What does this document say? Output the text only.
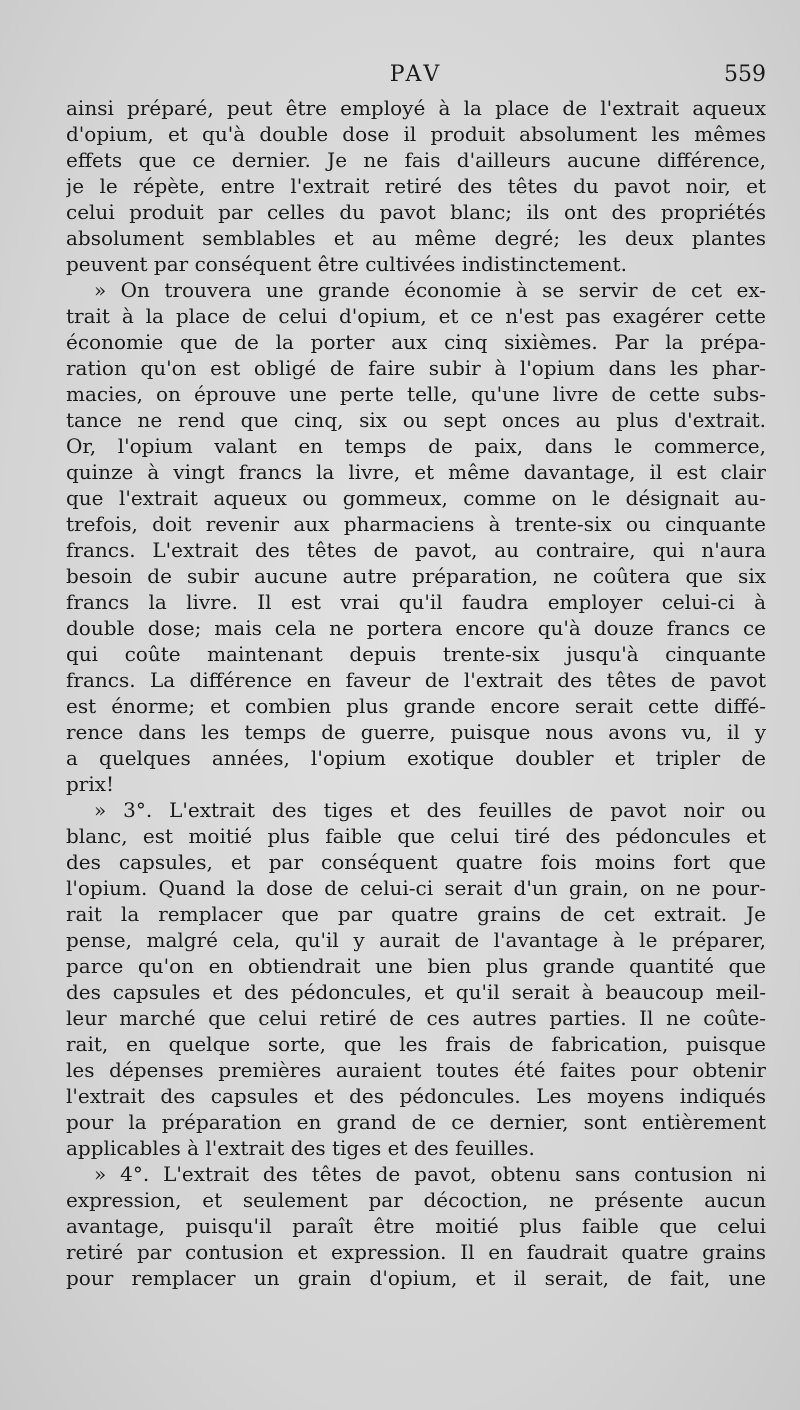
PAV	559
ainsi préparé, peut être employé à la place de l'extrait aqueux
d'opium, et qu'à double dose il produit absolument les mêmes
effets que ce dernier. Je ne fais d'ailleurs aucune différence,
je le répète, entre l'extrait retiré des têtes du pavot noir, et
celui produit par celles du pavot blanc; ils ont des propriétés
absolument semblables et au même degré; les deux plantes
peuvent par conséquent être cultivées indistinctement.
» On trouvera une grande économie à se servir de cet ex-
trait à la place de celui d'opium, et ce n'est pas exagérer cette
économie que de la porter aux cinq sixièmes. Par la prépa-
ration qu'on est obligé de faire subir à l'opium dans les phar-
macies, on éprouve une perte telle, qu'une livre de cette subs-
tance ne rend que cinq, six ou sept onces au plus d'extrait.
Or, l'opium valant en temps de paix, dans le commerce,
quinze à vingt francs la livre, et même davantage, il est clair
que l'extrait aqueux ou gommeux, comme on le désignait au-
trefois, doit revenir aux pharmaciens à trente-six ou cinquante
francs. L'extrait des têtes de pavot, au contraire, qui n'aura
besoin de subir aucune autre préparation, ne coûtera que six
francs la livre. Il est vrai qu'il faudra employer celui-ci à
double dose; mais cela ne portera encore qu'à douze francs ce
qui coûte maintenant depuis trente-six jusqu'à cinquante
francs. La différence en faveur de l'extrait des têtes de pavot
est énorme; et combien plus grande encore serait cette diffé-
rence dans les temps de guerre, puisque nous avons vu, il y
a quelques années, l'opium exotique doubler et tripler de
prix!
» 3°. L'extrait des tiges et des feuilles de pavot noir ou
blanc, est moitié plus faible que celui tiré des pédoncules et
des capsules, et par conséquent quatre fois moins fort que
l'opium. Quand la dose de celui-ci serait d'un grain, on ne pour-
rait la remplacer que par quatre grains de cet extrait. Je
pense, malgré cela, qu'il y aurait de l'avantage à le préparer,
parce qu'on en obtiendrait une bien plus grande quantité que
des capsules et des pédoncules, et qu'il serait à beaucoup meil-
leur marché que celui retiré de ces autres parties. Il ne coûte-
rait, en quelque sorte, que les frais de fabrication, puisque
les dépenses premières auraient toutes été faites pour obtenir
l'extrait des capsules et des pédoncules. Les moyens indiqués
pour la préparation en grand de ce dernier, sont entièrement
applicables à l'extrait des tiges et des feuilles.
» 4°. L'extrait des têtes de pavot, obtenu sans contusion ni
expression, et seulement par décoction, ne présente aucun
avantage, puisqu'il paraît être moitié plus faible que celui
retiré par contusion et expression. Il en faudrait quatre grains
pour remplacer un grain d'opium, et il serait, de fait, une
